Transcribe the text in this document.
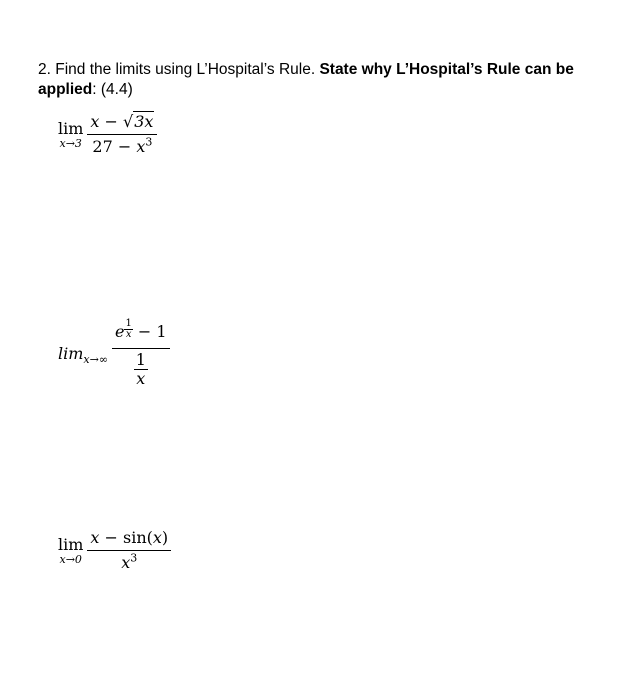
2. Find the limits using L’Hospital’s Rule. State why L’Hospital’s Rule can be applied: (4.4)
lim
$x\to 3 \frac{x - √3x}{27 - x^3}$
$\lim_{x\to\infty} \frac{e \frac{1}{x} - 1}{\frac{1}{x}}$
lim
$x\to 0 \frac{x - \sin(x)}{x^3}$
